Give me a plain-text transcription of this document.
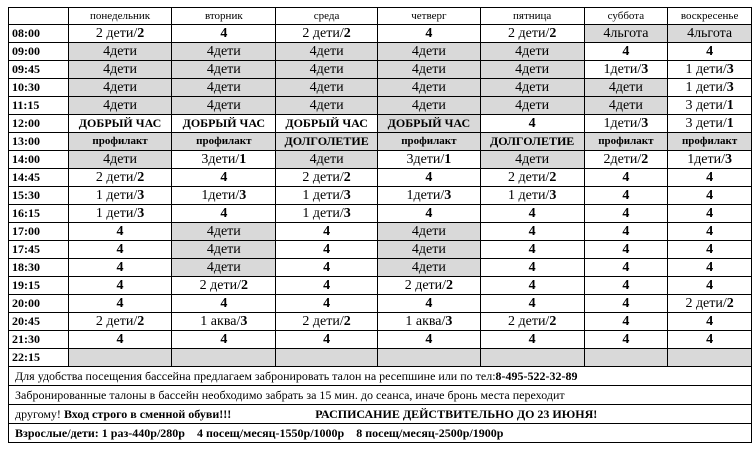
	понедельник	вторник	среда	четверг	пятница	суббота	воскресенье
08:00	2 дети/2	4	2 дети/2	4	2 дети/2	4льгота	4льгота
09:00	4дети	4дети	4дети	4дети	4дети	4	4
09:45	4дети	4дети	4дети	4дети	4дети	1дети/3	1 дети/3
10:30	4дети	4дети	4дети	4дети	4дети	4дети	1 дети/3
11:15	4дети	4дети	4дети	4дети	4дети	4дети	3 дети/1
12:00	ДОБРЫЙ ЧАС	ДОБРЫЙ ЧАС	ДОБРЫЙ ЧАС	ДОБРЫЙ ЧАС	4	1дети/3	3 дети/1
13:00	профилакт	профилакт	ДОЛГОЛЕТИЕ	профилакт	ДОЛГОЛЕТИЕ	профилакт	профилакт
14:00	4дети	3дети/1	4дети	3дети/1	4дети	2дети/2	1дети/3
14:45	2 дети/2	4	2 дети/2	4	2 дети/2	4	4
15:30	1 дети/3	1дети/3	1 дети/3	1дети/3	1 дети/3	4	4
16:15	1 дети/3	4	1 дети/3	4	4	4	4
17:00	4	4дети	4	4дети	4	4	4
17:45	4	4дети	4	4дети	4	4	4
18:30	4	4дети	4	4дети	4	4	4
19:15	4	2 дети/2	4	2 дети/2	4	4	4
20:00	4	4	4	4	4	4	2 дети/2
20:45	2 дети/2	1 аква/3	2 дети/2	1 аква/3	2 дети/2	4	4
21:30	4	4	4	4	4	4	4
22:15							
Для удобства посещения бассейна предлагаем забронировать талон на ресепшине или по тел:8-495-522-32-89							
Забронированные талоны в бассейн необходимо забрать за 15 мин. до сеанса, иначе бронь места переходит							
другому! Вход строго в сменной обуви!!! РАСПИСАНИЕ ДЕЙСТВИТЕЛЬНО ДО 23 ИЮНЯ!							
Взрослые/дети: 1 раз-440р/280р    4 посещ/месяц-1550р/1000р    8 посещ/месяц-2500р/1900р							
